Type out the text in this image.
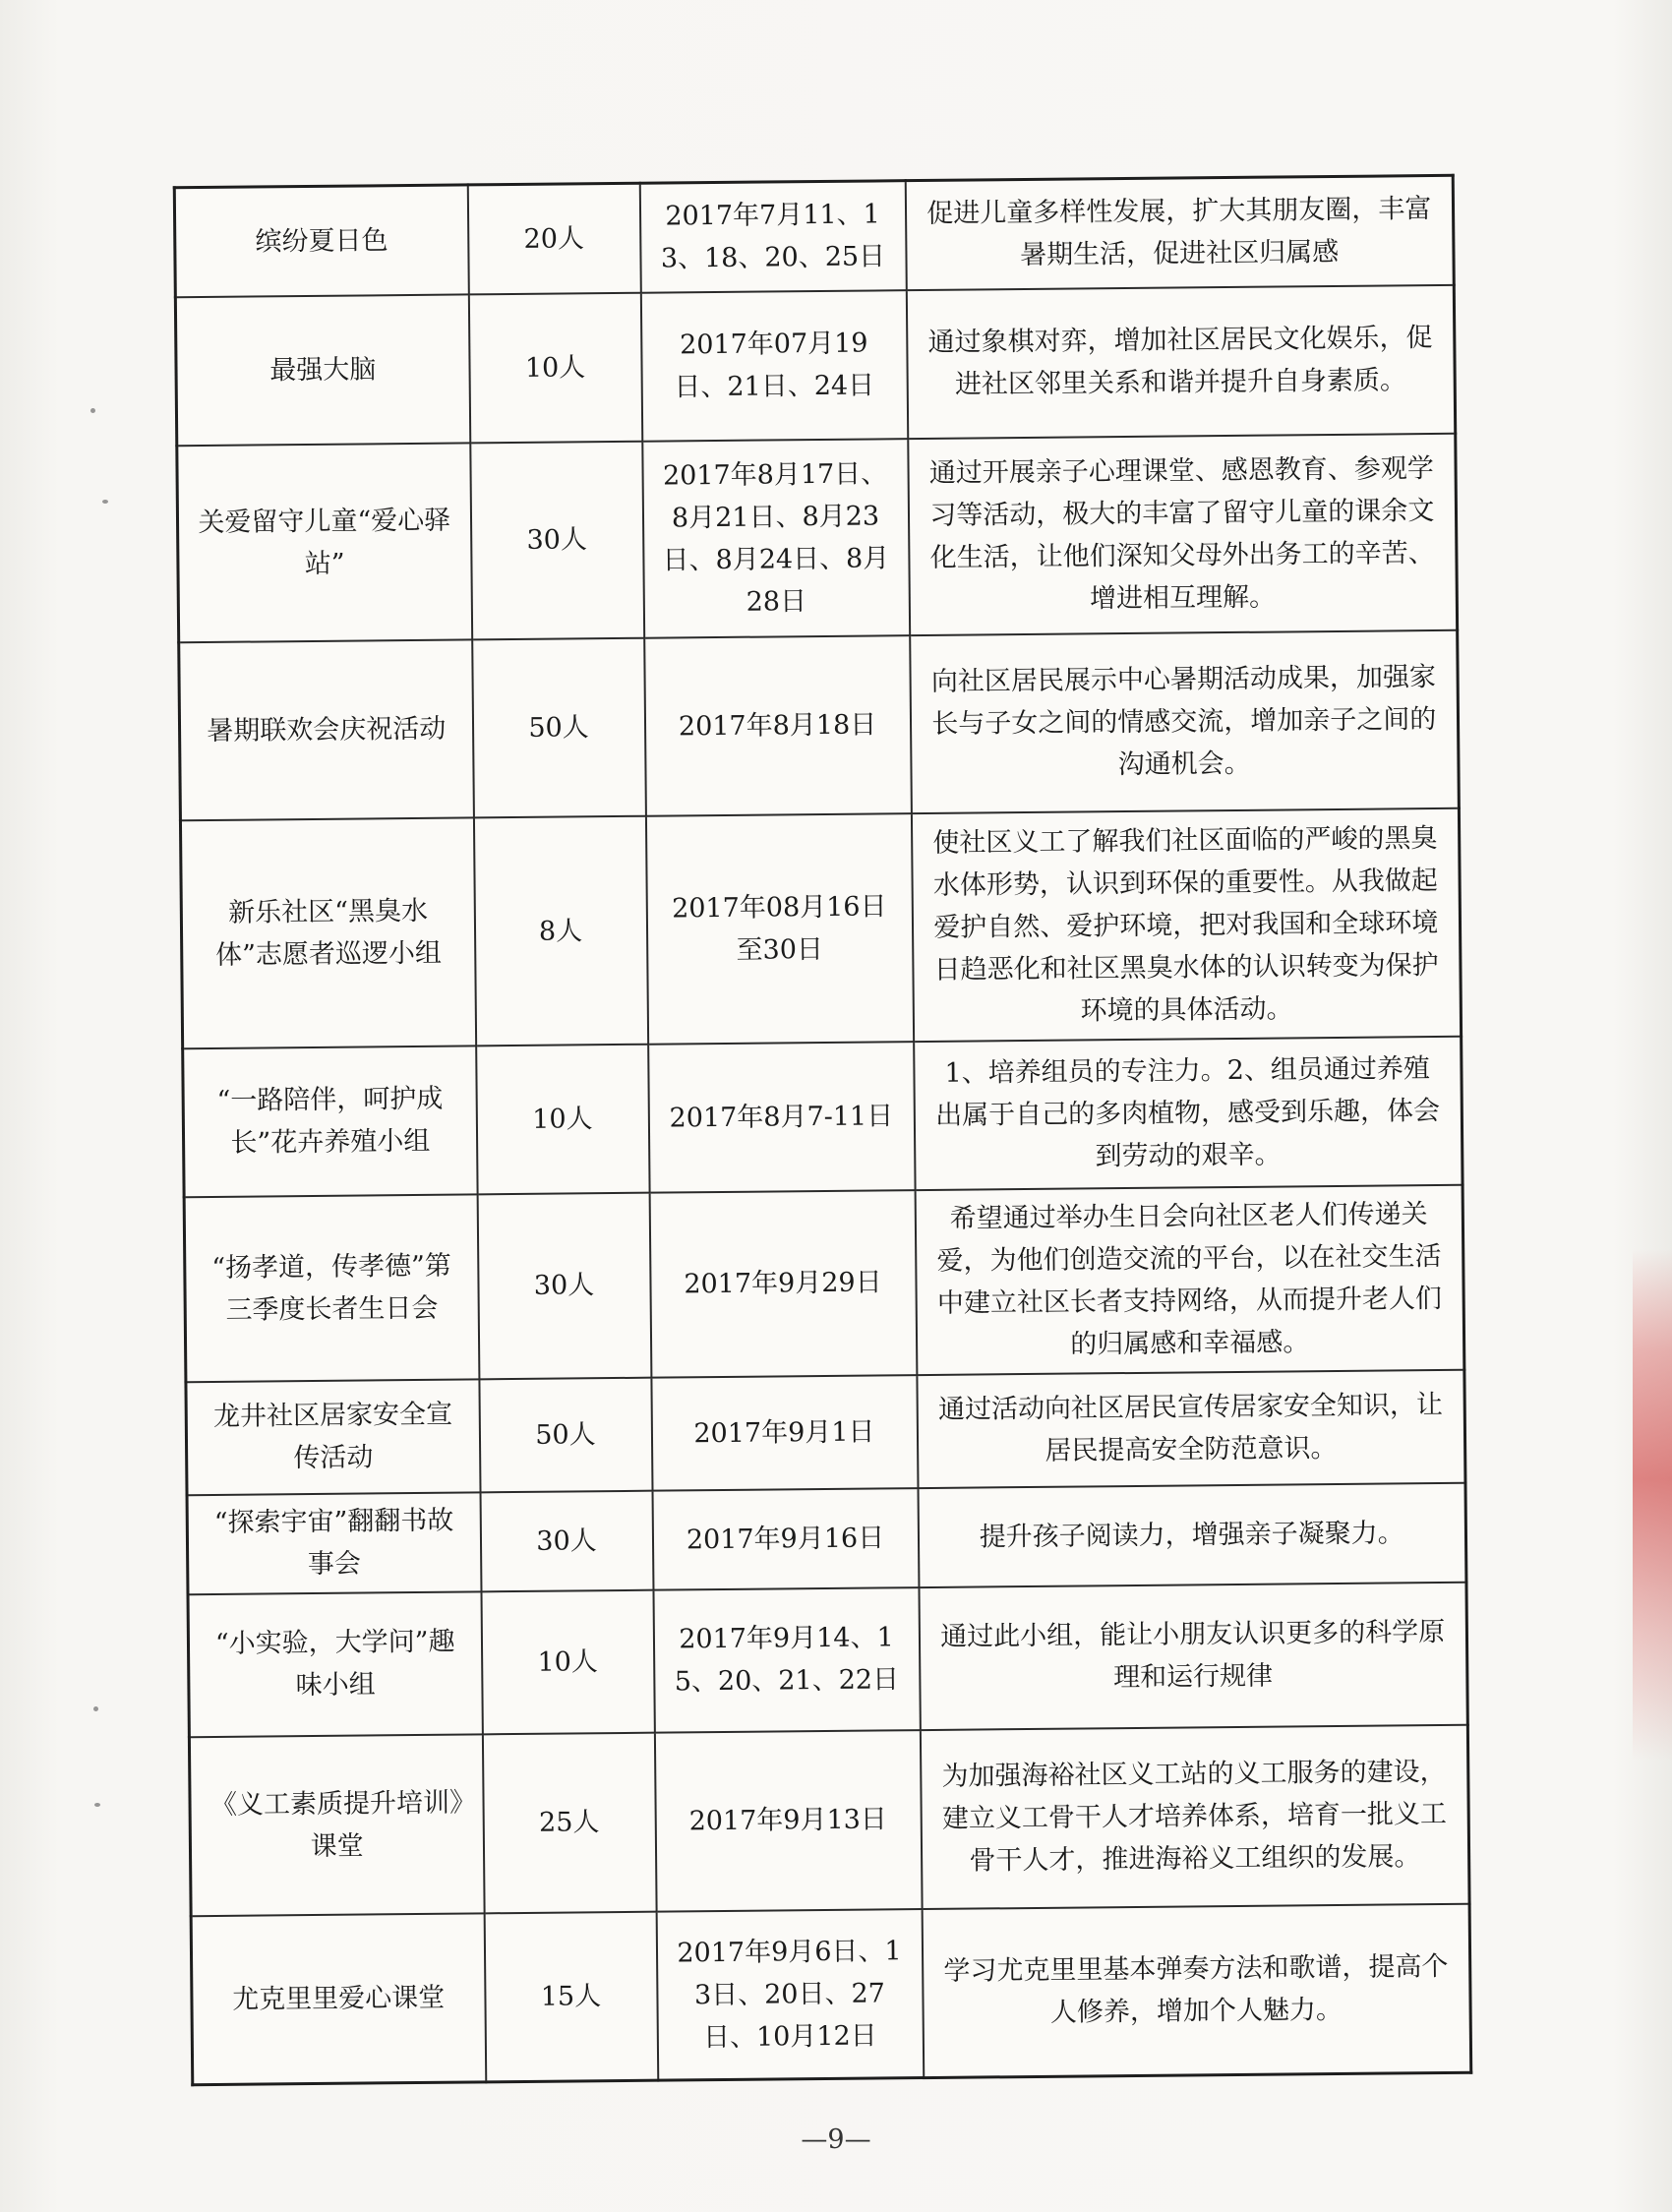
缤纷夏日色	20人	2017年7月11、13、18、20、25日	促进儿童多样性发展，扩大其朋友圈，丰富暑期生活，促进社区归属感
最强大脑	10人	2017年07月19日、21日、24日	通过象棋对弈，增加社区居民文化娱乐，促进社区邻里关系和谐并提升自身素质。
关爱留守儿童“爱心驿站”	30人	2017年8月17日、8月21日、8月23日、8月24日、8月28日	通过开展亲子心理课堂、感恩教育、参观学习等活动，极大的丰富了留守儿童的课余文化生活，让他们深知父母外出务工的辛苦、增进相互理解。
暑期联欢会庆祝活动	50人	2017年8月18日	向社区居民展示中心暑期活动成果，加强家长与子女之间的情感交流，增加亲子之间的沟通机会。
新乐社区“黑臭水体”志愿者巡逻小组	8人	2017年08月16日至30日	使社区义工了解我们社区面临的严峻的黑臭水体形势，认识到环保的重要性。从我做起爱护自然、爱护环境，把对我国和全球环境日趋恶化和社区黑臭水体的认识转变为保护环境的具体活动。
“一路陪伴，呵护成长”花卉养殖小组	10人	2017年8月7-11日	1、培养组员的专注力。2、组员通过养殖出属于自己的多肉植物，感受到乐趣，体会到劳动的艰辛。
“扬孝道，传孝德”第三季度长者生日会	30人	2017年9月29日	希望通过举办生日会向社区老人们传递关爱，为他们创造交流的平台，以在社交生活中建立社区长者支持网络，从而提升老人们的归属感和幸福感。
龙井社区居家安全宣传活动	50人	2017年9月1日	通过活动向社区居民宣传居家安全知识，让居民提高安全防范意识。
“探索宇宙”翻翻书故事会	30人	2017年9月16日	提升孩子阅读力，增强亲子凝聚力。
“小实验，大学问”趣味小组	10人	2017年9月14、15、20、21、22日	通过此小组，能让小朋友认识更多的科学原理和运行规律
《义工素质提升培训》课堂	25人	2017年9月13日	为加强海裕社区义工站的义工服务的建设，建立义工骨干人才培养体系，培育一批义工骨干人才，推进海裕义工组织的发展。
尤克里里爱心课堂	15人	2017年9月6日、13日、20日、27日、10月12日	学习尤克里里基本弹奏方法和歌谱，提高个人修养，增加个人魅力。
—9—
